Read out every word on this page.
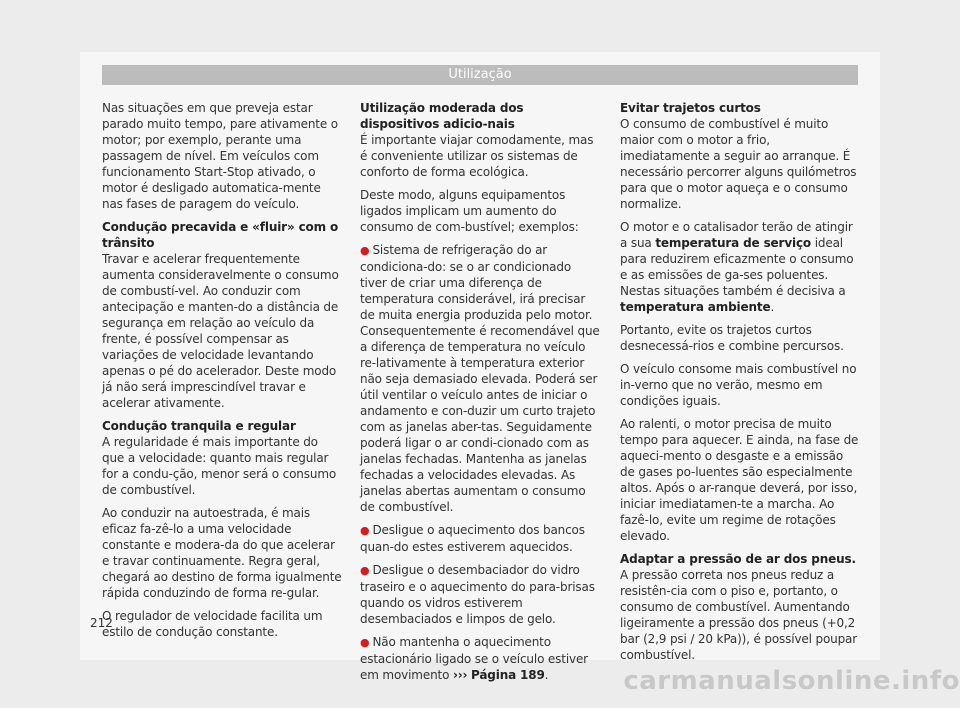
Utilização

Nas situações em que preveja estar parado muito tempo, pare ativamente o motor; por exemplo, perante uma passagem de nível. Em veículos com funcionamento Start-Stop ativado, o motor é desligado automatica-mente nas fases de paragem do veículo.

Condução precavida e «fluir» com o trânsito

Travar e acelerar frequentemente aumenta consideravelmente o consumo de combustí-vel. Ao conduzir com antecipação e manten-do a distância de segurança em relação ao veículo da frente, é possível compensar as variações de velocidade levantando apenas o pé do acelerador. Deste modo já não será imprescindível travar e acelerar ativamente.

Condução tranquila e regular

A regularidade é mais importante do que a velocidade: quanto mais regular for a condu-ção, menor será o consumo de combustível.

Ao conduzir na autoestrada, é mais eficaz fa-zê-lo a uma velocidade constante e modera-da do que acelerar e travar continuamente. Regra geral, chegará ao destino de forma igualmente rápida conduzindo de forma re-gular.

O regulador de velocidade facilita um estilo de condução constante.

Utilização moderada dos dispositivos adicio-nais

É importante viajar comodamente, mas é conveniente utilizar os sistemas de conforto de forma ecológica.

Deste modo, alguns equipamentos ligados implicam um aumento do consumo de com-bustível; exemplos:

● Sistema de refrigeração do ar condiciona-do: se o ar condicionado tiver de criar uma diferença de temperatura considerável, irá precisar de muita energia produzida pelo motor. Consequentemente é recomendável que a diferença de temperatura no veículo re-lativamente à temperatura exterior não seja demasiado elevada. Poderá ser útil ventilar o veículo antes de iniciar o andamento e con-duzir um curto trajeto com as janelas aber-tas. Seguidamente poderá ligar o ar condi-cionado com as janelas fechadas. Mantenha as janelas fechadas a velocidades elevadas. As janelas abertas aumentam o consumo de combustível.

● Desligue o aquecimento dos bancos quan-do estes estiverem aquecidos.

● Desligue o desembaciador do vidro traseiro e o aquecimento do para-brisas quando os vidros estiverem desembaciados e limpos de gelo.

● Não mantenha o aquecimento estacionário ligado se o veículo estiver em movimento ››› Página 189.

Evitar trajetos curtos

O consumo de combustível é muito maior com o motor a frio, imediatamente a seguir ao arranque. É necessário percorrer alguns quilómetros para que o motor aqueça e o consumo normalize.

O motor e o catalisador terão de atingir a sua temperatura de serviço ideal para reduzirem eficazmente o consumo e as emissões de ga-ses poluentes. Nestas situações também é decisiva a temperatura ambiente.

Portanto, evite os trajetos curtos desnecessá-rios e combine percursos.

O veículo consome mais combustível no in-verno que no verão, mesmo em condições iguais.

Ao ralenti, o motor precisa de muito tempo para aquecer. E ainda, na fase de aqueci-mento o desgaste e a emissão de gases po-luentes são especialmente altos. Após o ar-ranque deverá, por isso, iniciar imediatamen-te a marcha. Ao fazê-lo, evite um regime de rotações elevado.

Adaptar a pressão de ar dos pneus.

A pressão correta nos pneus reduz a resistên-cia com o piso e, portanto, o consumo de combustível. Aumentando ligeiramente a pressão dos pneus (+0,2 bar (2,9 psi / 20 kPa)), é possível poupar combustível.

212
carmanualsonline.info
